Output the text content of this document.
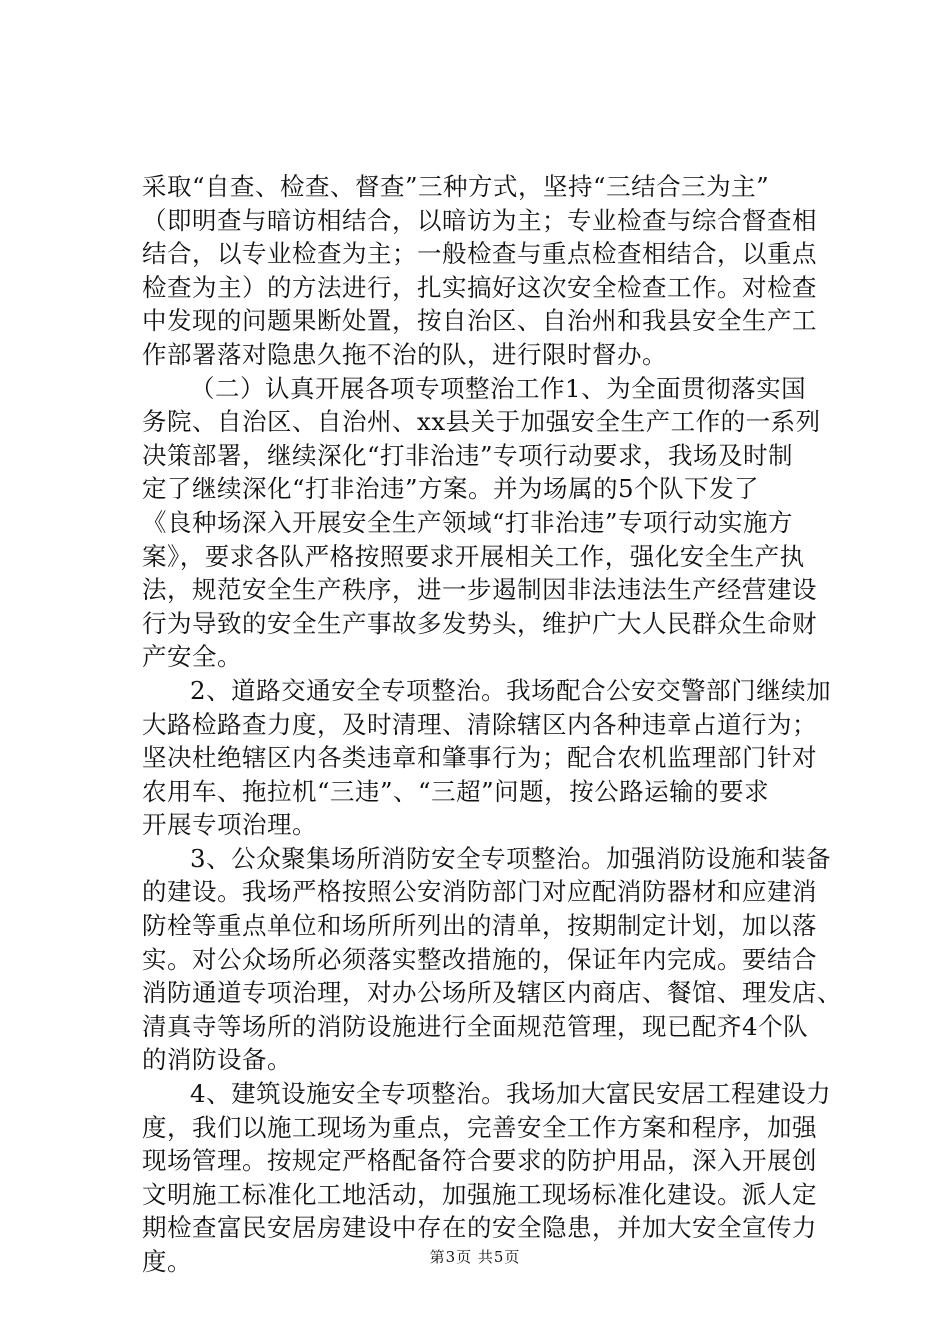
采取“自查、检查、督查”三种方式，坚持“三结合三为主”
（即明查与暗访相结合，以暗访为主；专业检查与综合督查相
结合，以专业检查为主；一般检查与重点检查相结合，以重点
检查为主）的方法进行，扎实搞好这次安全检查工作。对检查
中发现的问题果断处置，按自治区、自治州和我县安全生产工
作部署落对隐患久拖不治的队，进行限时督办。
（二）认真开展各项专项整治工作1、为全面贯彻落实国
务院、自治区、自治州、xx县关于加强安全生产工作的一系列
决策部署，继续深化“打非治违”专项行动要求，我场及时制
定了继续深化“打非治违”方案。并为场属的5个队下发了
《良种场深入开展安全生产领域“打非治违”专项行动实施方
案》，要求各队严格按照要求开展相关工作，强化安全生产执
法，规范安全生产秩序，进一步遏制因非法违法生产经营建设
行为导致的安全生产事故多发势头，维护广大人民群众生命财
产安全。
2、道路交通安全专项整治。我场配合公安交警部门继续加
大路检路查力度，及时清理、清除辖区内各种违章占道行为；
坚决杜绝辖区内各类违章和肇事行为；配合农机监理部门针对
农用车、拖拉机“三违”、“三超”问题，按公路运输的要求
开展专项治理。
3、公众聚集场所消防安全专项整治。加强消防设施和装备
的建设。我场严格按照公安消防部门对应配消防器材和应建消
防栓等重点单位和场所所列出的清单，按期制定计划，加以落
实。对公众场所必须落实整改措施的，保证年内完成。要结合
消防通道专项治理，对办公场所及辖区内商店、餐馆、理发店、
清真寺等场所的消防设施进行全面规范管理，现已配齐4个队
的消防设备。
4、建筑设施安全专项整治。我场加大富民安居工程建设力
度，我们以施工现场为重点，完善安全工作方案和程序，加强
现场管理。按规定严格配备符合要求的防护用品，深入开展创
文明施工标准化工地活动，加强施工现场标准化建设。派人定
期检查富民安居房建设中存在的安全隐患，并加大安全宣传力
度。	第3页 共5页
